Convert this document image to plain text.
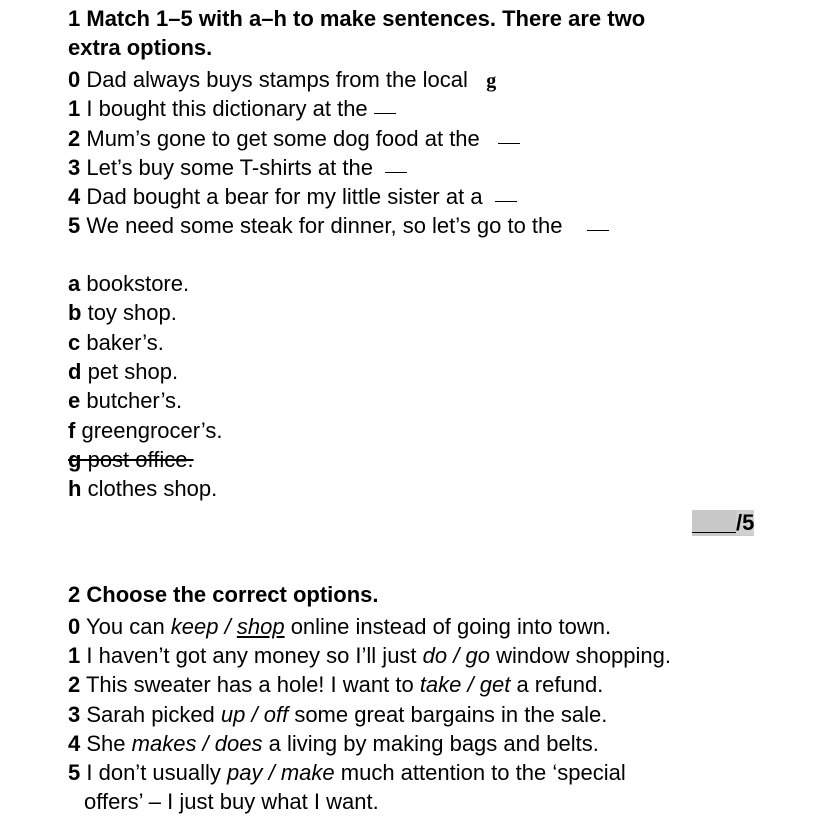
1 Match 1–5 with a–h to make sentences. There are two
extra options.
0 Dad always buys stamps from the local g
1 I bought this dictionary at the
2 Mum’s gone to get some dog food at the
3 Let’s buy some T-shirts at the
4 Dad bought a bear for my little sister at a
5 We need some steak for dinner, so let’s go to the
a bookstore.
b toy shop.
c baker’s.
d pet shop.
e butcher’s.
f greengrocer’s.
g post office.
h clothes shop.
/5
2 Choose the correct options.
0 You can keep / shop online instead of going into town.
1 I haven’t got any money so I’ll just do / go window shopping.
2 This sweater has a hole! I want to take / get a refund.
3 Sarah picked up / off some great bargains in the sale.
4 She makes / does a living by making bags and belts.
5 I don’t usually pay / make much attention to the ‘special
offers’ – I just buy what I want.
